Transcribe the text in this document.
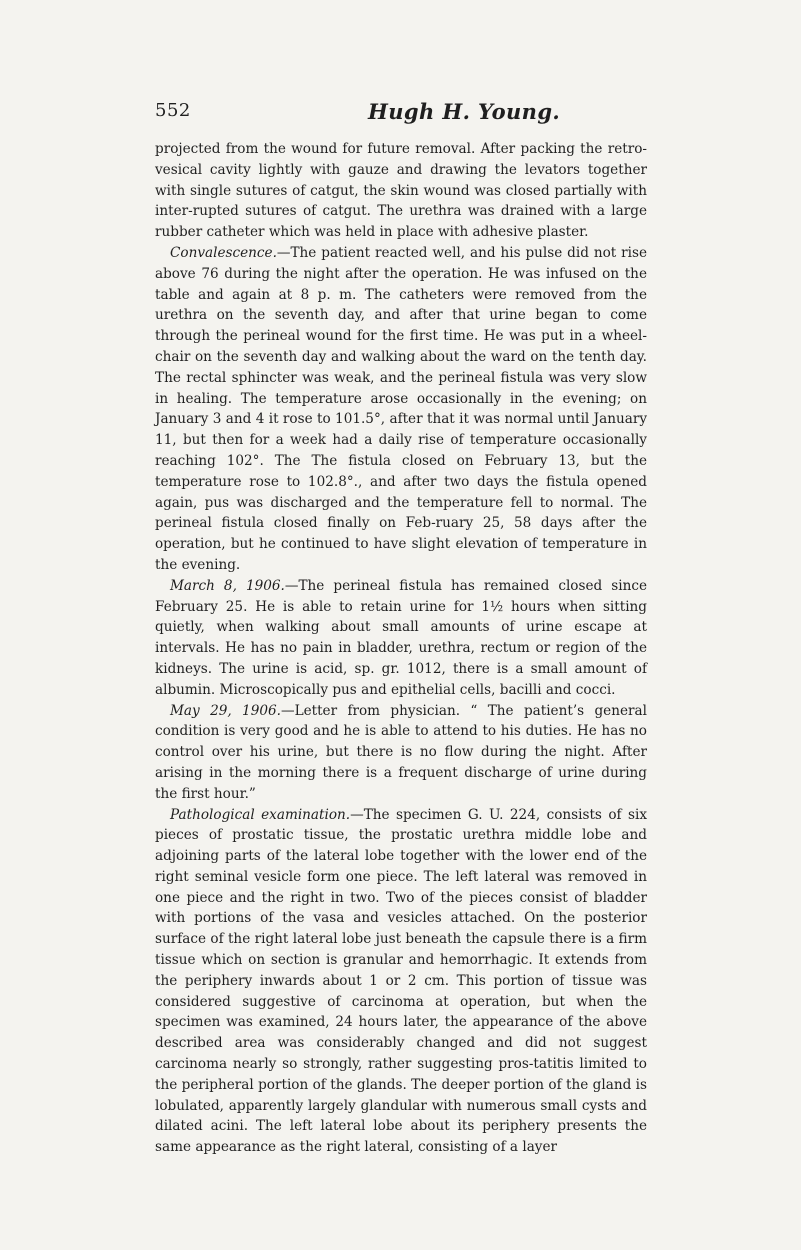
552	Hugh H. Young.

projected from the wound for future removal. After packing the retro-vesical cavity lightly with gauze and drawing the levators together with single sutures of catgut, the skin wound was closed partially with inter-rupted sutures of catgut. The urethra was drained with a large rubber catheter which was held in place with adhesive plaster.

Convalescence.—The patient reacted well, and his pulse did not rise above 76 during the night after the operation. He was infused on the table and again at 8 p. m. The catheters were removed from the urethra on the seventh day, and after that urine began to come through the perineal wound for the first time. He was put in a wheel-chair on the seventh day and walking about the ward on the tenth day. The rectal sphincter was weak, and the perineal fistula was very slow in healing. The temperature arose occasionally in the evening; on January 3 and 4 it rose to 101.5°, after that it was normal until January 11, but then for a week had a daily rise of temperature occasionally reaching 102°. The The fistula closed on February 13, but the temperature rose to 102.8°., and after two days the fistula opened again, pus was discharged and the temperature fell to normal. The perineal fistula closed finally on Feb-ruary 25, 58 days after the operation, but he continued to have slight elevation of temperature in the evening.

March 8, 1906.—The perineal fistula has remained closed since February 25. He is able to retain urine for 1½ hours when sitting quietly, when walking about small amounts of urine escape at intervals. He has no pain in bladder, urethra, rectum or region of the kidneys. The urine is acid, sp. gr. 1012, there is a small amount of albumin. Microscopically pus and epithelial cells, bacilli and cocci.

May 29, 1906.—Letter from physician. “ The patient’s general condition is very good and he is able to attend to his duties. He has no control over his urine, but there is no flow during the night. After arising in the morning there is a frequent discharge of urine during the first hour.”

Pathological examination.—The specimen G. U. 224, consists of six pieces of prostatic tissue, the prostatic urethra middle lobe and adjoining parts of the lateral lobe together with the lower end of the right seminal vesicle form one piece. The left lateral was removed in one piece and the right in two. Two of the pieces consist of bladder with portions of the vasa and vesicles attached. On the posterior surface of the right lateral lobe just beneath the capsule there is a firm tissue which on section is granular and hemorrhagic. It extends from the periphery inwards about 1 or 2 cm. This portion of tissue was considered suggestive of carcinoma at operation, but when the specimen was examined, 24 hours later, the appearance of the above described area was considerably changed and did not suggest carcinoma nearly so strongly, rather suggesting pros-tatitis limited to the peripheral portion of the glands. The deeper portion of the gland is lobulated, apparently largely glandular with numerous small cysts and dilated acini. The left lateral lobe about its periphery presents the same appearance as the right lateral, consisting of a layer
